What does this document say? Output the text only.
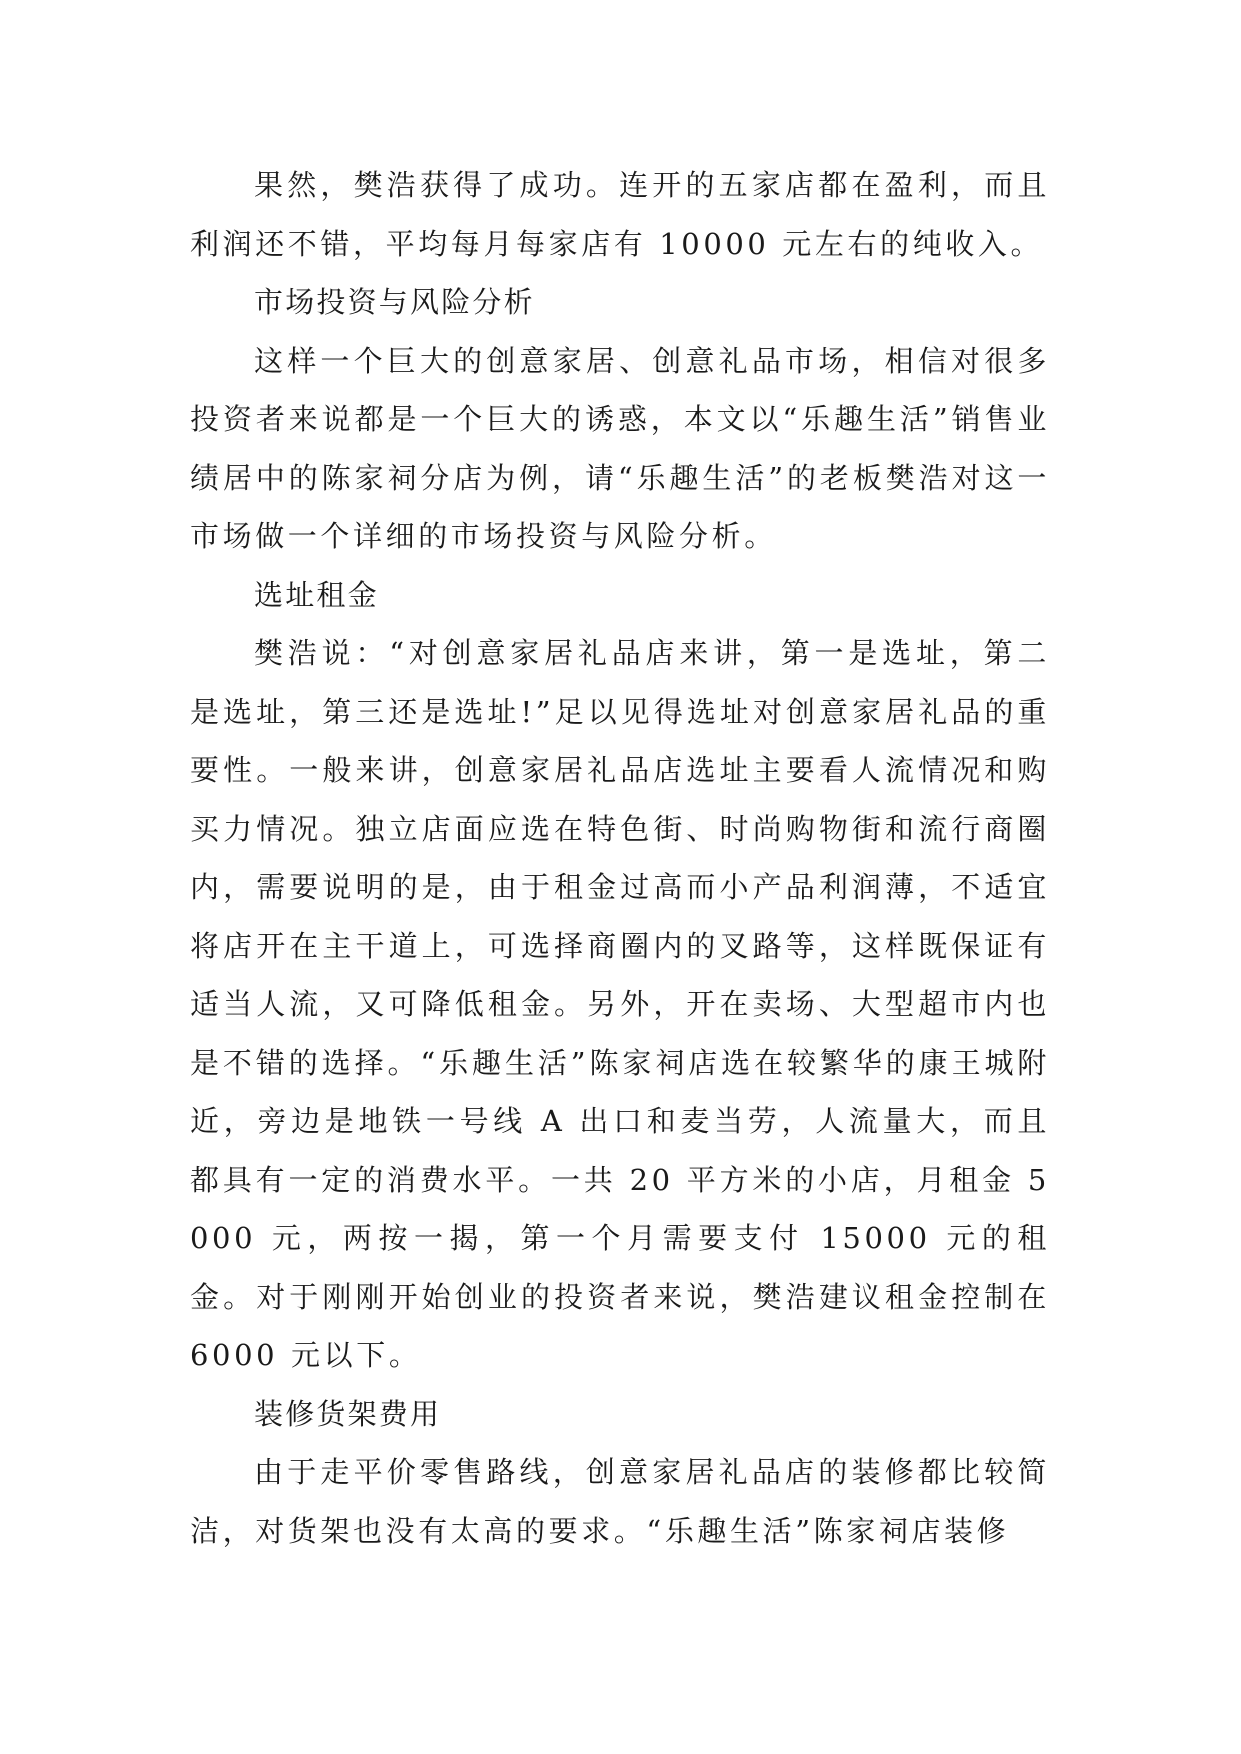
果然，樊浩获得了成功。连开的五家店都在盈利，而且利润还不错，平均每月每家店有 10000 元左右的纯收入。

市场投资与风险分析

这样一个巨大的创意家居、创意礼品市场，相信对很多投资者来说都是一个巨大的诱惑，本文以“乐趣生活”销售业绩居中的陈家祠分店为例，请“乐趣生活”的老板樊浩对这一市场做一个详细的市场投资与风险分析。

选址租金

樊浩说：“对创意家居礼品店来讲，第一是选址，第二是选址，第三还是选址!”足以见得选址对创意家居礼品的重要性。一般来讲，创意家居礼品店选址主要看人流情况和购买力情况。独立店面应选在特色街、时尚购物街和流行商圈内，需要说明的是，由于租金过高而小产品利润薄，不适宜将店开在主干道上，可选择商圈内的叉路等，这样既保证有适当人流，又可降低租金。另外，开在卖场、大型超市内也是不错的选择。“乐趣生活”陈家祠店选在较繁华的康王城附近，旁边是地铁一号线 A 出口和麦当劳，人流量大，而且都具有一定的消费水平。一共 20 平方米的小店，月租金 5000 元，两按一揭，第一个月需要支付 15000 元的租金。对于刚刚开始创业的投资者来说，樊浩建议租金控制在 6000 元以下。

装修货架费用

由于走平价零售路线，创意家居礼品店的装修都比较简洁，对货架也没有太高的要求。“乐趣生活”陈家祠店装修
